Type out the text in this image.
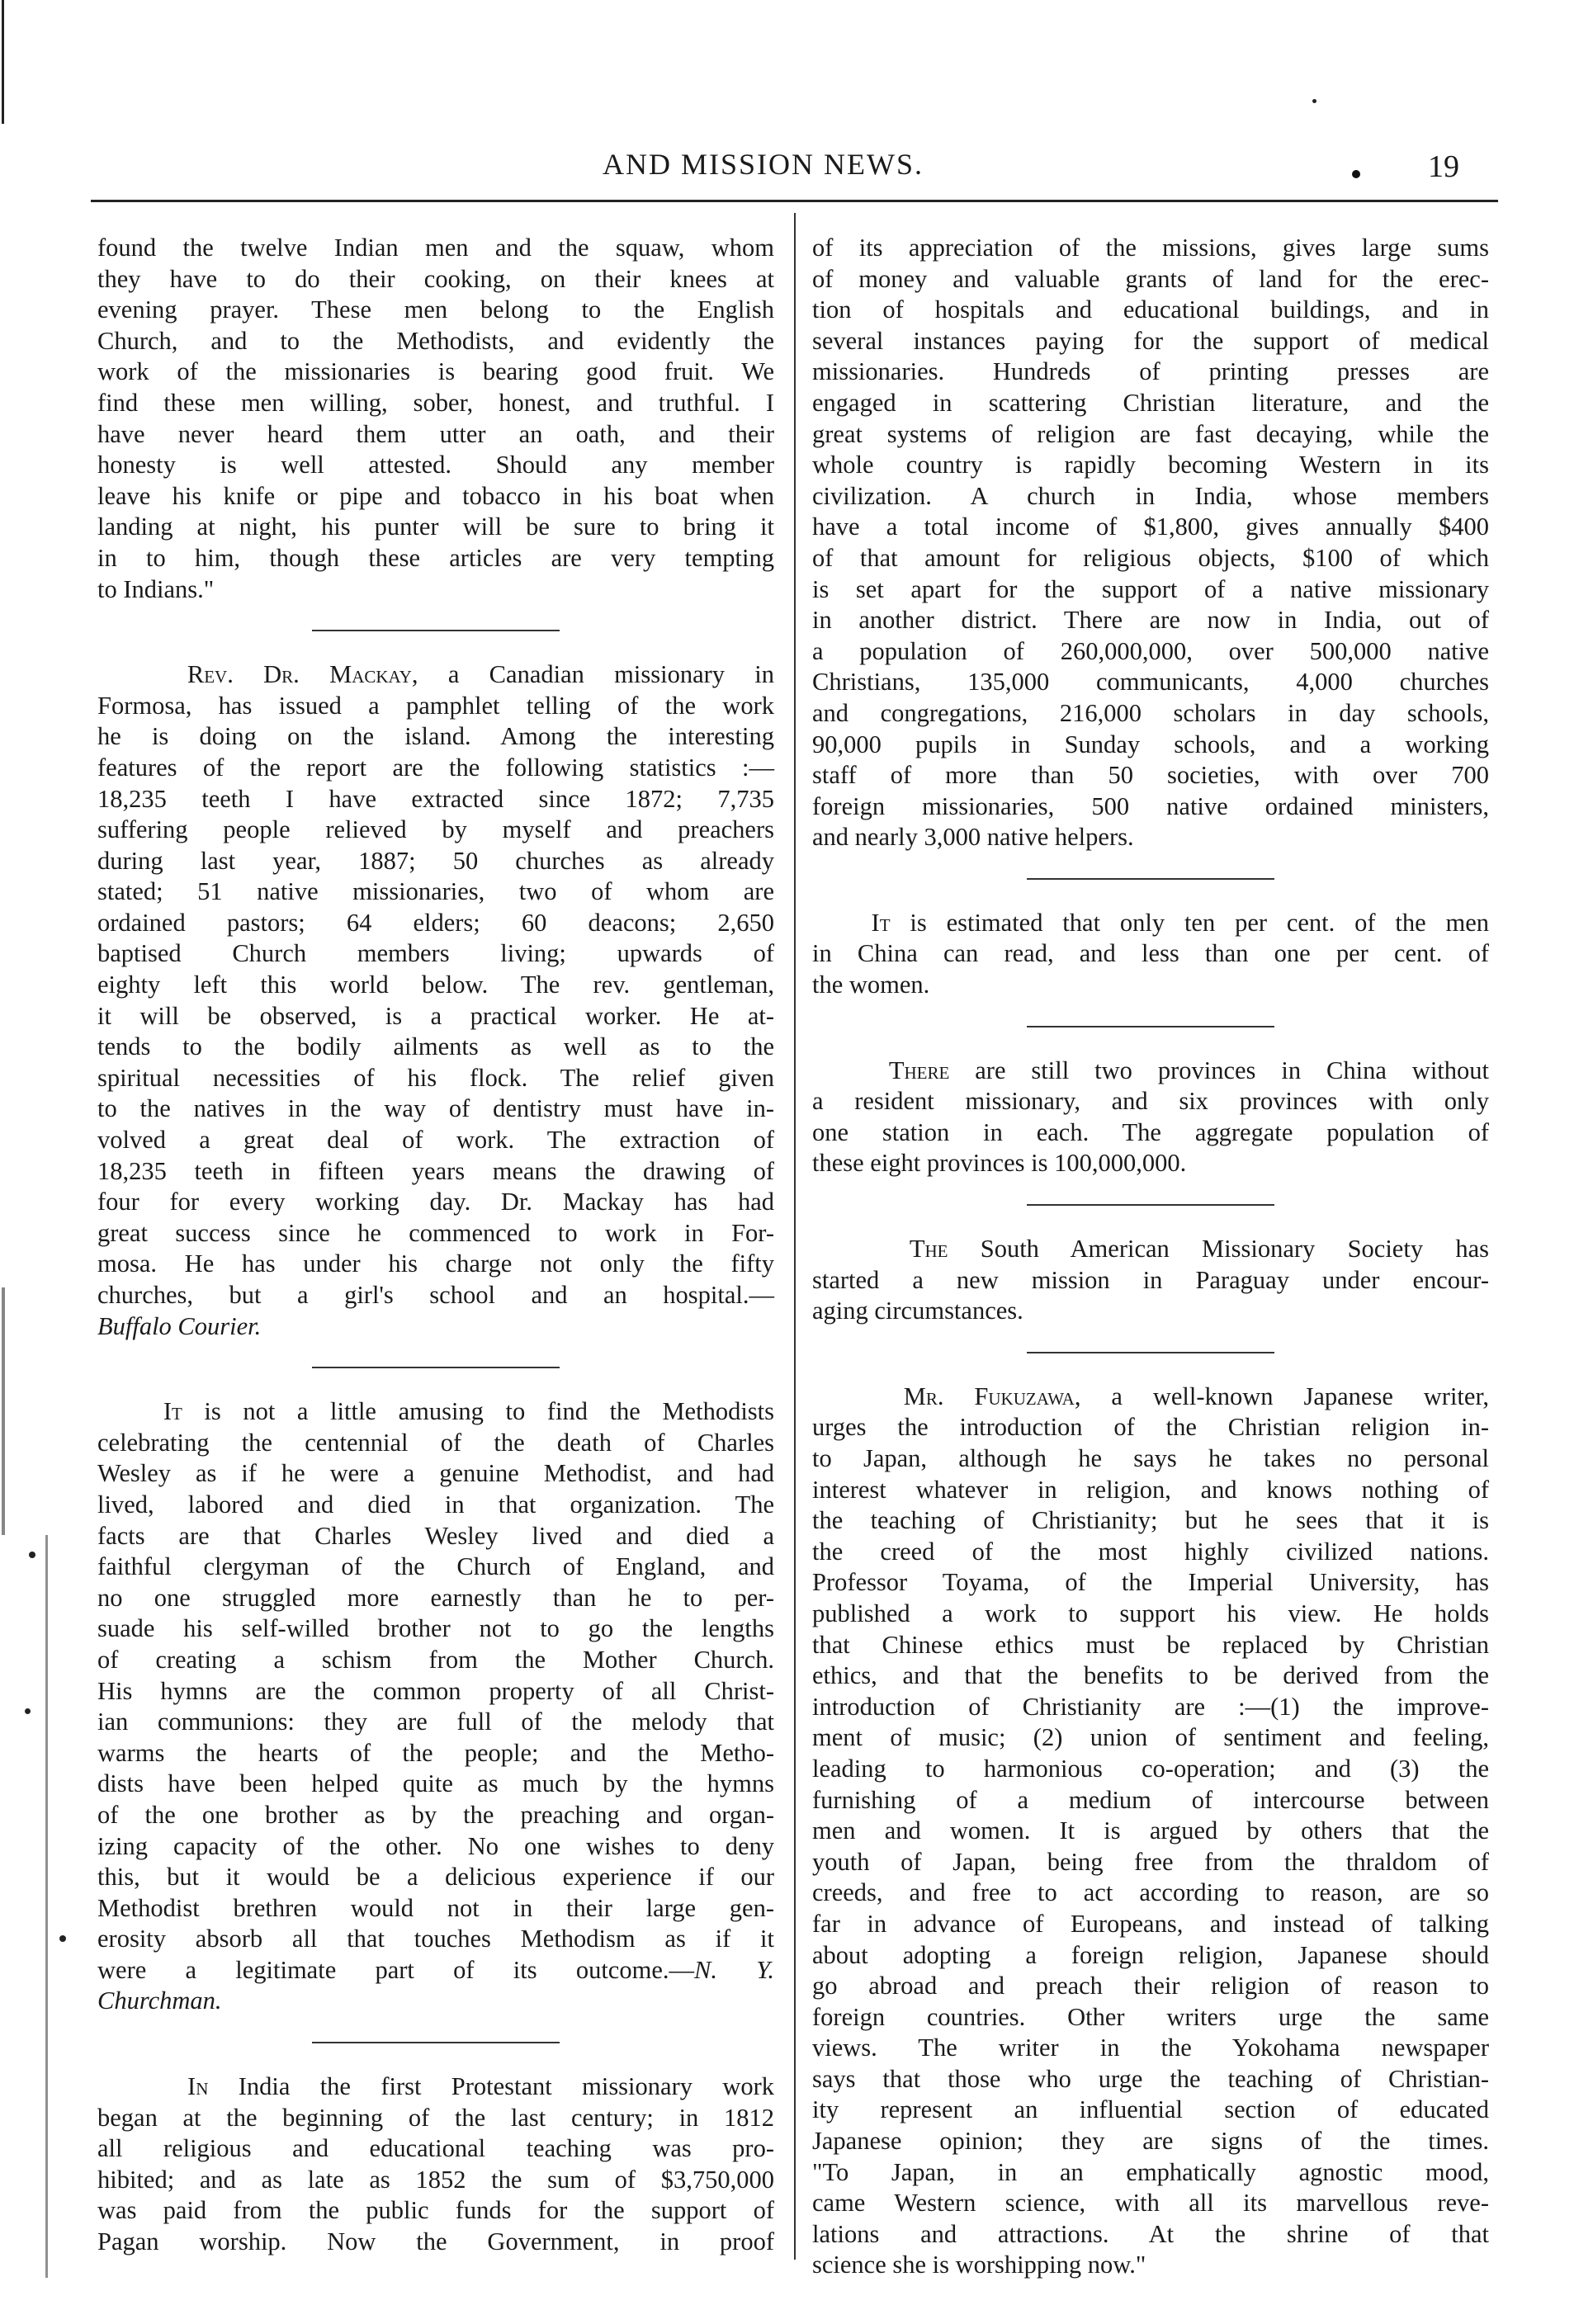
AND MISSION NEWS.	19
found the twelve Indian men and the squaw, whom
they have to do their cooking, on their knees at
evening prayer. These men belong to the English
Church, and to the Methodists, and evidently the
work of the missionaries is bearing good fruit. We
find these men willing, sober, honest, and truthful. I
have never heard them utter an oath, and their
honesty is well attested. Should any member
leave his knife or pipe and tobacco in his boat when
landing at night, his punter will be sure to bring it
in to him, though these articles are very tempting
to Indians."
Rev. Dr. Mackay, a Canadian missionary in
Formosa, has issued a pamphlet telling of the work
he is doing on the island. Among the interesting
features of the report are the following statistics :—
18,235 teeth I have extracted since 1872; 7,735
suffering people relieved by myself and preachers
during last year, 1887; 50 churches as already
stated; 51 native missionaries, two of whom are
ordained pastors; 64 elders; 60 deacons; 2,650
baptised Church members living; upwards of
eighty left this world below. The rev. gentleman,
it will be observed, is a practical worker. He at-
tends to the bodily ailments as well as to the
spiritual necessities of his flock. The relief given
to the natives in the way of dentistry must have in-
volved a great deal of work. The extraction of
18,235 teeth in fifteen years means the drawing of
four for every working day. Dr. Mackay has had
great success since he commenced to work in For-
mosa. He has under his charge not only the fifty
churches, but a girl's school and an hospital.—
Buffalo Courier.
It is not a little amusing to find the Methodists
celebrating the centennial of the death of Charles
Wesley as if he were a genuine Methodist, and had
lived, labored and died in that organization. The
facts are that Charles Wesley lived and died a
faithful clergyman of the Church of England, and
no one struggled more earnestly than he to per-
suade his self-willed brother not to go the lengths
of creating a schism from the Mother Church.
His hymns are the common property of all Christ-
ian communions: they are full of the melody that
warms the hearts of the people; and the Metho-
dists have been helped quite as much by the hymns
of the one brother as by the preaching and organ-
izing capacity of the other. No one wishes to deny
this, but it would be a delicious experience if our
Methodist brethren would not in their large gen-
erosity absorb all that touches Methodism as if it
were a legitimate part of its outcome.—N. Y.
Churchman.
In India the first Protestant missionary work
began at the beginning of the last century; in 1812
all religious and educational teaching was pro-
hibited; and as late as 1852 the sum of $3,750,000
was paid from the public funds for the support of
Pagan worship. Now the Government, in proof
of its appreciation of the missions, gives large sums
of money and valuable grants of land for the erec-
tion of hospitals and educational buildings, and in
several instances paying for the support of medical
missionaries. Hundreds of printing presses are
engaged in scattering Christian literature, and the
great systems of religion are fast decaying, while the
whole country is rapidly becoming Western in its
civilization. A church in India, whose members
have a total income of $1,800, gives annually $400
of that amount for religious objects, $100 of which
is set apart for the support of a native missionary
in another district. There are now in India, out of
a population of 260,000,000, over 500,000 native
Christians, 135,000 communicants, 4,000 churches
and congregations, 216,000 scholars in day schools,
90,000 pupils in Sunday schools, and a working
staff of more than 50 societies, with over 700
foreign missionaries, 500 native ordained ministers,
and nearly 3,000 native helpers.
It is estimated that only ten per cent. of the men
in China can read, and less than one per cent. of
the women.
There are still two provinces in China without
a resident missionary, and six provinces with only
one station in each. The aggregate population of
these eight provinces is 100,000,000.
The South American Missionary Society has
started a new mission in Paraguay under encour-
aging circumstances.
Mr. Fukuzawa, a well-known Japanese writer,
urges the introduction of the Christian religion in-
to Japan, although he says he takes no personal
interest whatever in religion, and knows nothing of
the teaching of Christianity; but he sees that it is
the creed of the most highly civilized nations.
Professor Toyama, of the Imperial University, has
published a work to support his view. He holds
that Chinese ethics must be replaced by Christian
ethics, and that the benefits to be derived from the
introduction of Christianity are :—(1) the improve-
ment of music; (2) union of sentiment and feeling,
leading to harmonious co-operation; and (3) the
furnishing of a medium of intercourse between
men and women. It is argued by others that the
youth of Japan, being free from the thraldom of
creeds, and free to act according to reason, are so
far in advance of Europeans, and instead of talking
about adopting a foreign religion, Japanese should
go abroad and preach their religion of reason to
foreign countries. Other writers urge the same
views. The writer in the Yokohama newspaper
says that those who urge the teaching of Christian-
ity represent an influential section of educated
Japanese opinion; they are signs of the times.
"To Japan, in an emphatically agnostic mood,
came Western science, with all its marvellous reve-
lations and attractions. At the shrine of that
science she is worshipping now."
